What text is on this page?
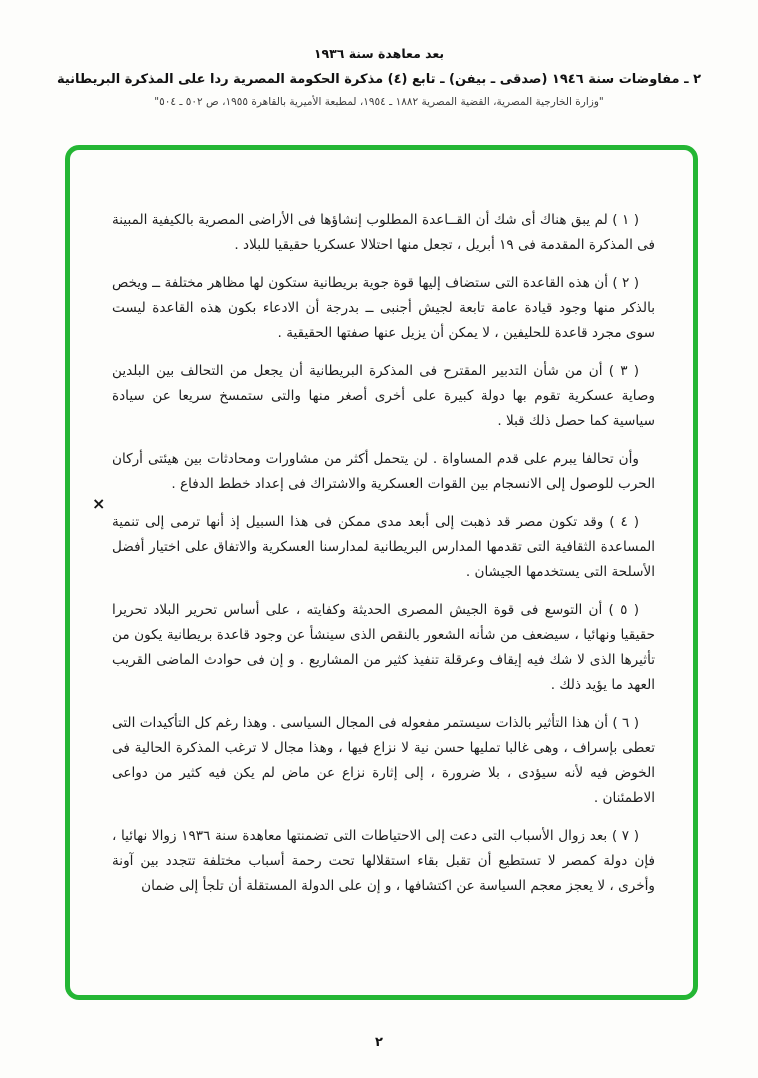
بعد معاهدة سنة ١٩٣٦
٢ ـ مفاوضات سنة ١٩٤٦ (صدقى ـ بيفن) ـ تابع (٤) مذكرة الحكومة المصرية ردا على المذكرة البريطانية
"وزارة الخارجية المصرية، القضية المصرية ١٨٨٢ ـ ١٩٥٤، لمطبعة الأميرية بالقاهرة ١٩٥٥، ص ٥٠٢ ـ ٥٠٤"
×

( ١ ) لم يبق هناك أى شك أن القــاعدة المطلوب إنشاؤها فى الأراضى المصرية بالكيفية المبينة فى المذكرة المقدمة فى ١٩ أبريل ، تجعل منها احتلالا عسكريا حقيقيا للبلاد .

( ٢ ) أن هذه القاعدة التى ستضاف إليها قوة جوية بريطانية ستكون لها مظاهر مختلفة ــ ويخص بالذكر منها وجود قيادة عامة تابعة لجيش أجنبى ــ بدرجة أن الادعاء بكون هذه القاعدة ليست سوى مجرد قاعدة للحليفين ، لا يمكن أن يزيل عنها صفتها الحقيقية .

( ٣ ) أن من شأن التدبير المقترح فى المذكرة البريطانية أن يجعل من التحالف بين البلدين وصاية عسكرية تقوم بها دولة كبيرة على أخرى أصغر منها والتى ستمسخ سريعا عن سيادة سياسية كما حصل ذلك قبلا .

وأن تحالفا يبرم على قدم المساواة . لن يتحمل أكثر من مشاورات ومحادثات بين هيئتى أركان الحرب للوصول إلى الانسجام بين القوات العسكرية والاشتراك فى إعداد خطط الدفاع .

( ٤ ) وقد تكون مصر قد ذهبت إلى أبعد مدى ممكن فى هذا السبيل إذ أنها ترمى إلى تنمية المساعدة الثقافية التى تقدمها المدارس البريطانية لمدارسنا العسكرية والاتفاق على اختيار أفضل الأسلحة التى يستخدمها الجيشان .

( ٥ ) أن التوسع فى قوة الجيش المصرى الحديثة وكفايته ، على أساس تحرير البلاد تحريرا حقيقيا ونهائيا ، سيضعف من شأنه الشعور بالنقص الذى سينشأ عن وجود قاعدة بريطانية يكون من تأثيرها الذى لا شك فيه إيقاف وعرقلة تنفيذ كثير من المشاريع . و إن فى حوادث الماضى القريب العهد ما يؤيد ذلك .

( ٦ ) أن هذا التأثير بالذات سيستمر مفعوله فى المجال السياسى . وهذا رغم كل التأكيدات التى تعطى بإسراف ، وهى غالبا تمليها حسن نية لا نزاع فيها ، وهذا مجال لا ترغب المذكرة الحالية فى الخوض فيه لأنه سيؤدى ، بلا ضرورة ، إلى إثارة نزاع عن ماض لم يكن فيه كثير من دواعى الاطمئنان .

( ٧ ) بعد زوال الأسباب التى دعت إلى الاحتياطات التى تضمنتها معاهدة سنة ١٩٣٦ زوالا نهائيا ، فإن دولة كمصر لا تستطيع أن تقبل بقاء استقلالها تحت رحمة أسباب مختلفة تتجدد بين آونة وأخرى ، لا يعجز معجم السياسة عن اكتشافها ، و إن على الدولة المستقلة أن تلجأ إلى ضمان

٢
